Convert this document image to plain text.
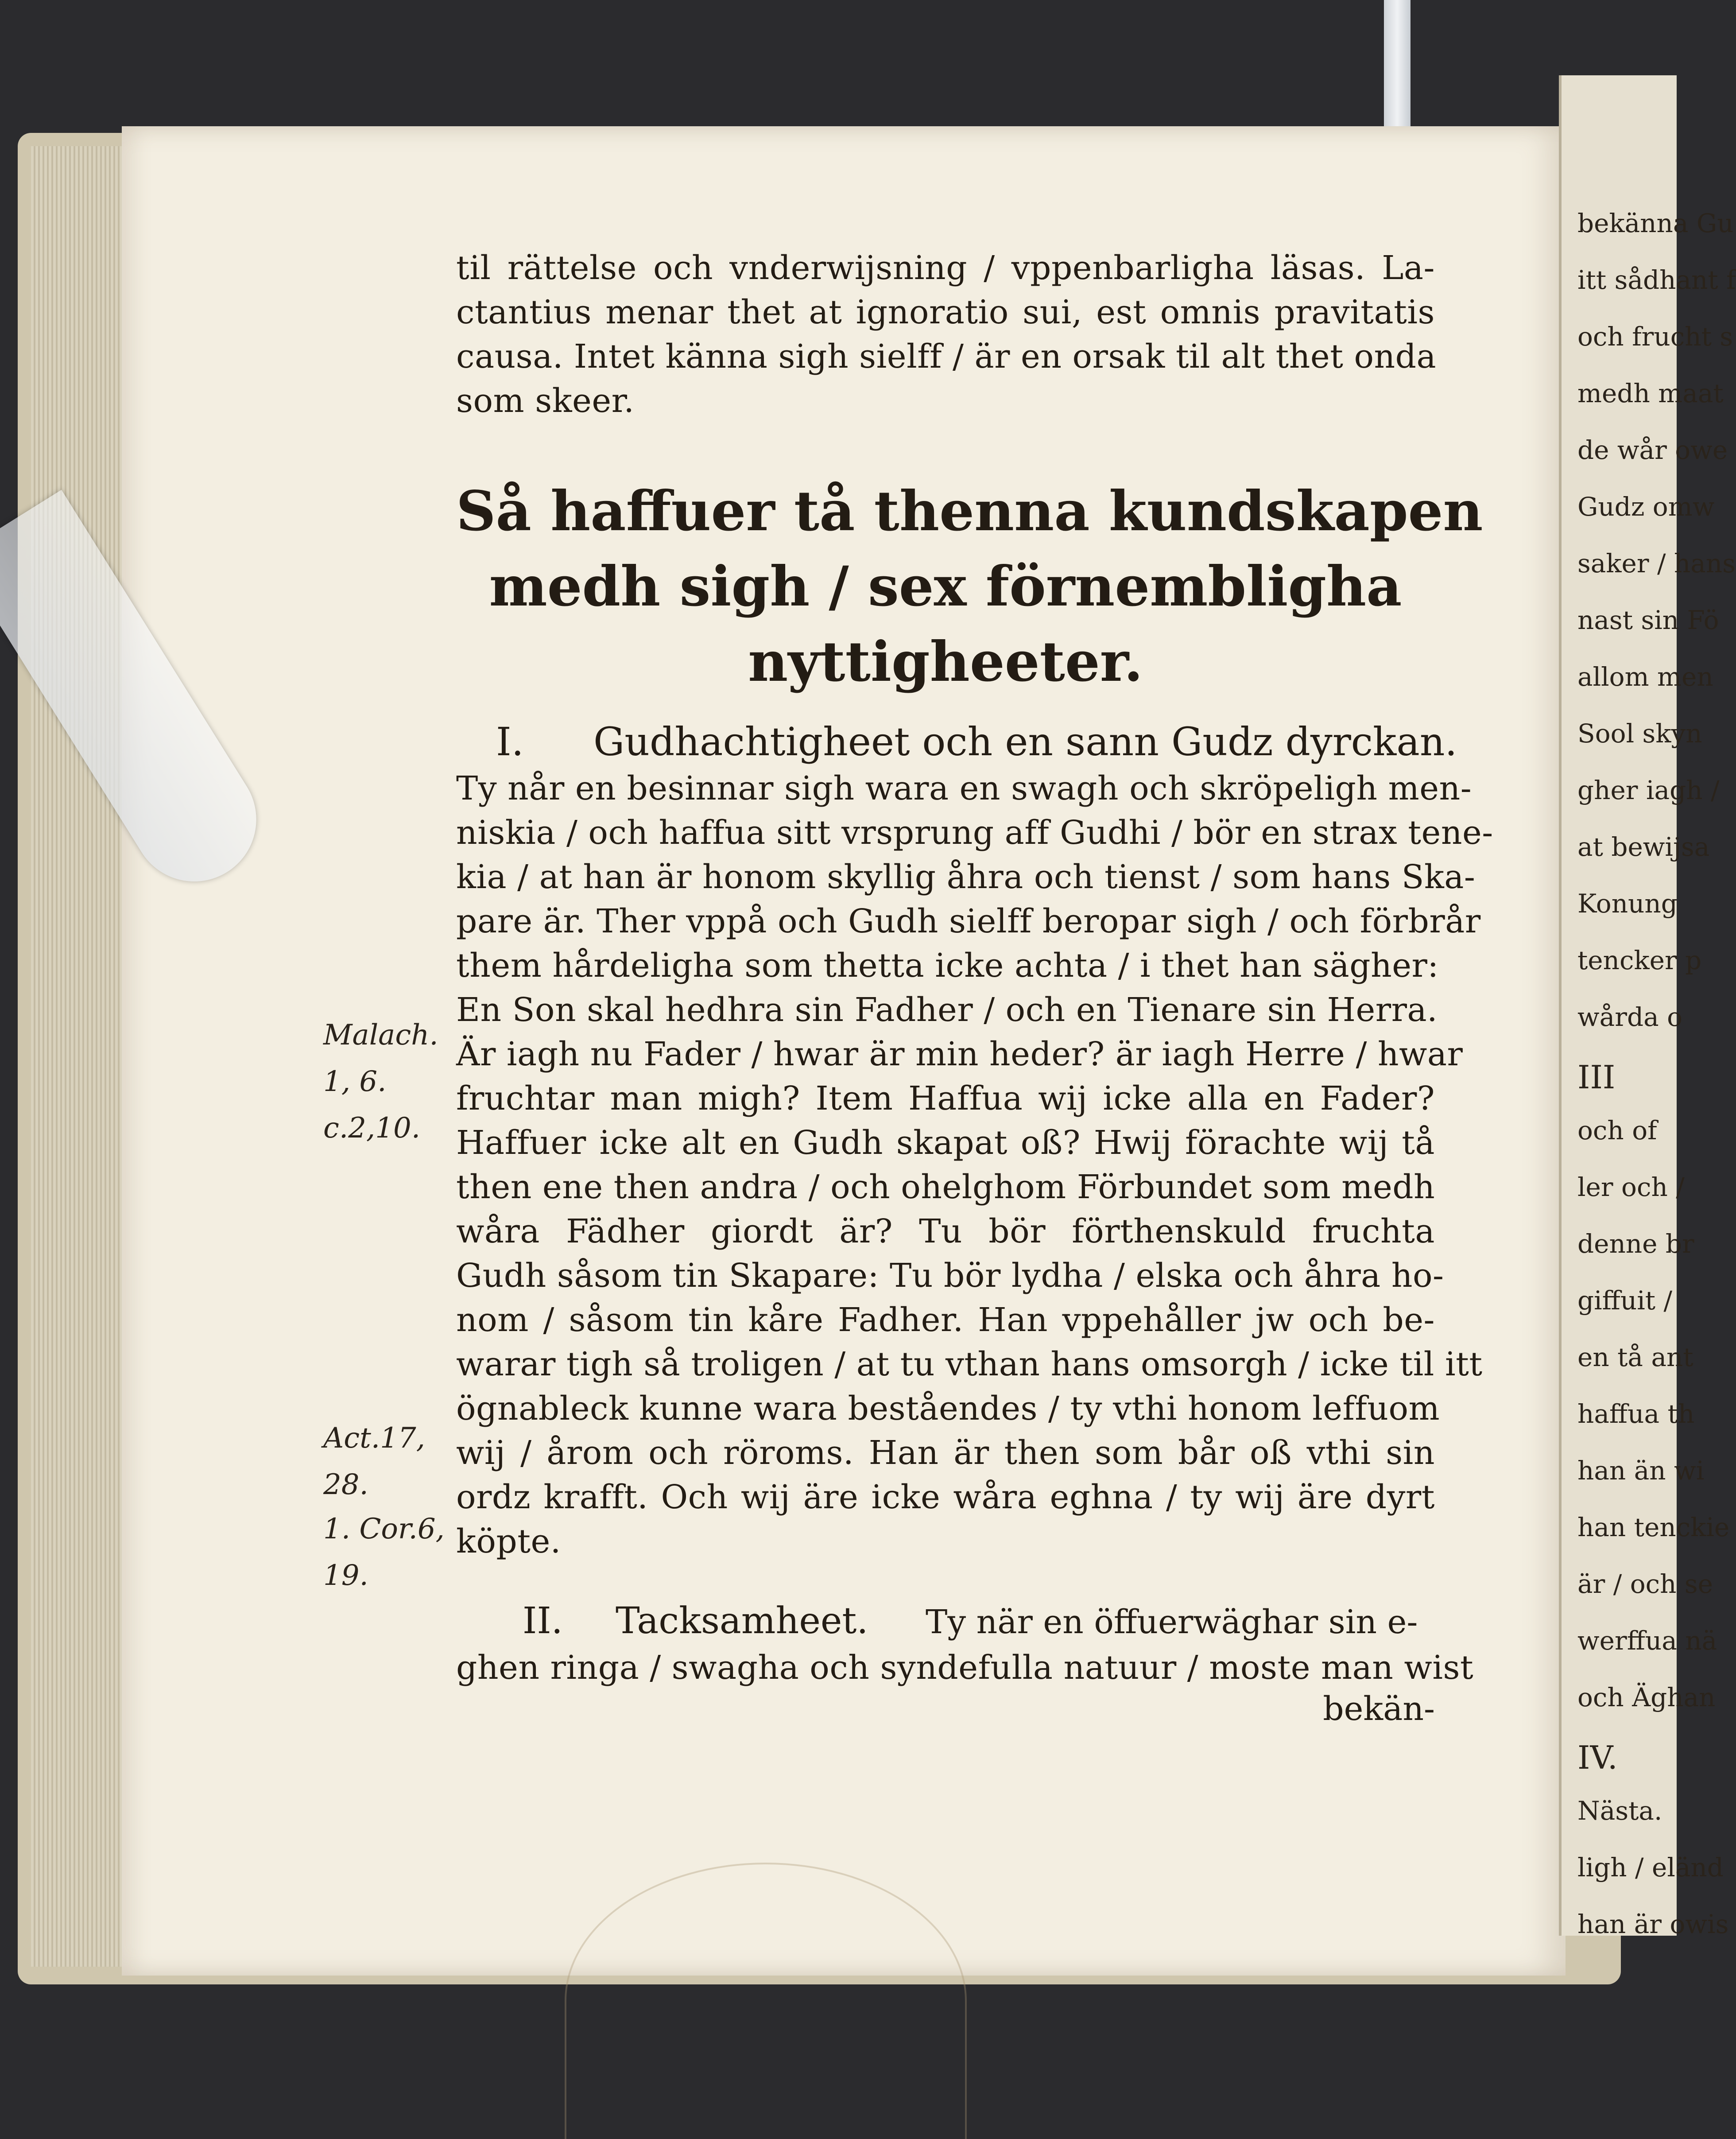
bekänna Gu
itt sådhant f
och frucht s
medh maat
de wår owe
Gudz omw
saker / hans
nast sin Fö
allom men
Sool skyn
gher iagh /
at bewijsa
Konung
tencker p
wårda o
III
och of
ler och /
denne br
giffuit /
en tå ant
haffua th
han än wi
han tenckie
är / och se
werffua nä
och Äghan
IV.
Nästa.
ligh / eländ
han är owis
Malach.
1, 6.
c.2,10.
Act.17,
28.
1. Cor.6,
19.
til rättelse och vnderwijsning / vppenbarligha läsas. La-
ctantius menar thet at ignoratio sui, est omnis pravitatis
causa. Intet känna sigh sielff / är en orsak til alt thet onda
som skeer.
Så haffuer tå thenna kundskapen
medh sigh / sex förnembligha
nyttigheeter.
I. Gudhachtigheet och en sann Gudz dyrckan.
Ty når en besinnar sigh wara en swagh och skröpeligh men-
niskia / och haffua sitt vrsprung aff Gudhi / bör en strax tene-
kia / at han är honom skyllig åhra och tienst / som hans Ska-
pare är. Ther vppå och Gudh sielff beropar sigh / och förbrår
them hårdeligha som thetta icke achta / i thet han sägher:
En Son skal hedhra sin Fadher / och en Tienare sin Herra.
Är iagh nu Fader / hwar är min heder? är iagh Herre / hwar
fruchtar man migh? Item Haffua wij icke alla en Fader?
Haffuer icke alt en Gudh skapat oß? Hwij förachte wij tå
then ene then andra / och ohelghom Förbundet som medh
wåra Fädher giordt är? Tu bör förthenskuld fruchta
Gudh såsom tin Skapare: Tu bör lydha / elska och åhra ho-
nom / såsom tin kåre Fadher. Han vppehåller jw och be-
warar tigh så troligen / at tu vthan hans omsorgh / icke til itt
ögnableck kunne wara beståendes / ty vthi honom leffuom
wij / årom och röroms. Han är then som bår oß vthi sin
ordz krafft. Och wij äre icke wåra eghna / ty wij äre dyrt
köpte.
II. Tacksamheet. Ty när en öffuerwäghar sin e-
ghen ringa / swagha och syndefulla natuur / moste man wist
bekän-
